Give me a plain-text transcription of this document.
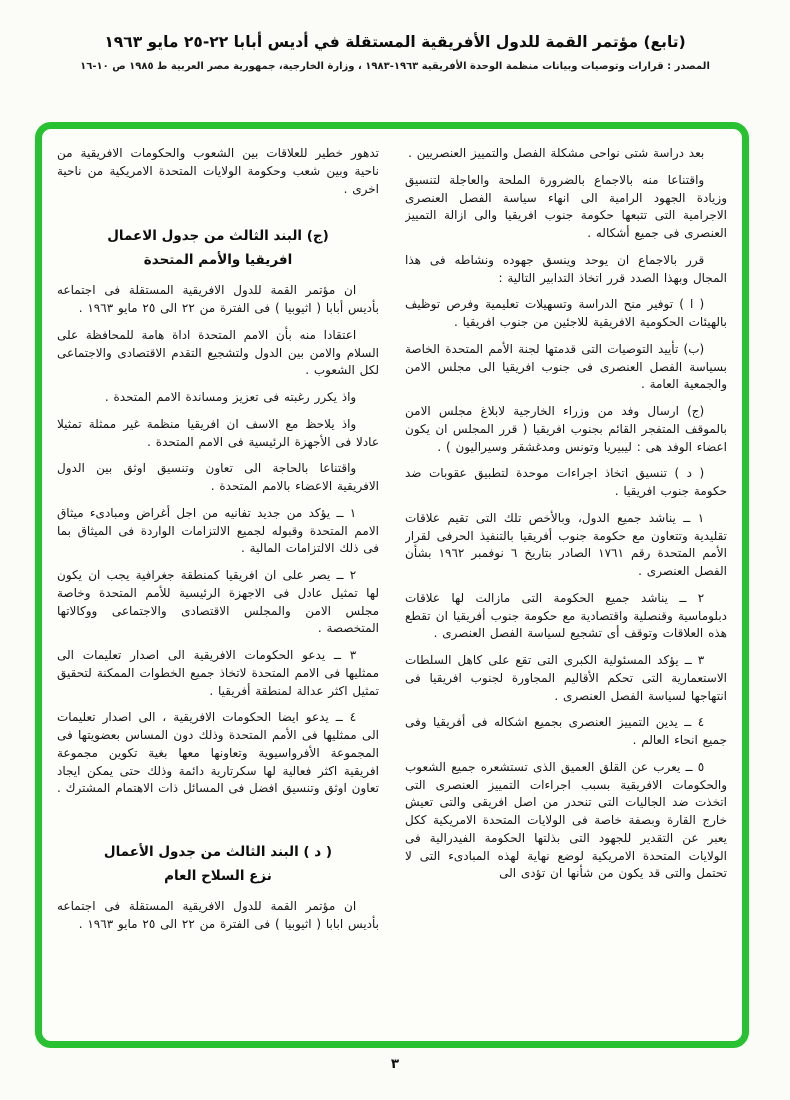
(تابع) مؤتمر القمة للدول الأفريقية المستقلة في أديس أبابا ٢٢-٢٥ مايو ١٩٦٣
المصدر : قرارات وتوصيات وبيانات منظمة الوحدة الأفريقية ١٩٦٣-١٩٨٣ ، وزارة الخارجية، جمهورية مصر العربية ط ١٩٨٥ ص ١٠-١٦
بعد دراسة شتى نواحى مشكلة الفصل والتمييز العنصريين .
واقتناعا منه بالاجماع بالضرورة الملحة والعاجلة لتنسيق وزيادة الجهود الرامية الى انهاء سياسة الفصل العنصرى الاجرامية التى تتبعها حكومة جنوب افريقيا والى ازالة التمييز العنصرى فى جميع أشكاله .
قرر بالاجماع ان يوحد وينسق جهوده ونشاطه فى هذا المجال وبهذا الصدد قرر اتخاذ التدابير التالية :
( ا ) توفير منح الدراسة وتسهيلات تعليمية وفرص توظيف بالهيئات الحكومية الافريقية للاجئين من جنوب افريقيا .
(ب) تأييد التوصيات التى قدمتها لجنة الأمم المتحدة الخاصة بسياسة الفصل العنصرى فى جنوب افريقيا الى مجلس الامن والجمعية العامة .
(ج) ارسال وفد من وزراء الخارجية لابلاغ مجلس الامن بالموقف المتفجر القائم بجنوب افريقيا ( قرر المجلس ان يكون اعضاء الوفد هى : ليبيريا وتونس ومدغشقر وسيراليون ) .
( د ) تنسيق اتخاذ اجراءات موحدة لتطبيق عقوبات ضد حكومة جنوب افريقيا .
١ ــ يناشد جميع الدول، وبالأخص تلك التى تقيم علاقات تقليدية وتتعاون مع حكومة جنوب أفريقيا بالتنفيذ الحرفى لقرار الأمم المتحدة رقم ١٧٦١ الصادر بتاريخ ٦ نوفمبر ١٩٦٢ بشأن الفصل العنصرى .
٢ ــ يناشد جميع الحكومة التى مازالت لها علاقات دبلوماسية وقنصلية واقتصادية مع حكومة جنوب أفريقيا ان تقطع هذه العلاقات وتوقف أى تشجيع لسياسة الفصل العنصرى .
٣ ــ يؤكد المسئولية الكبرى التى تقع على كاهل السلطات الاستعمارية التى تحكم الأقاليم المجاورة لجنوب افريقيا فى انتهاجها لسياسة الفصل العنصرى .
٤ ــ يدين التمييز العنصرى بجميع اشكاله فى أفريقيا وفى جميع انحاء العالم .
٥ ــ يعرب عن القلق العميق الذى تستشعره جميع الشعوب والحكومات الافريقية بسبب اجراءات التمييز العنصرى التى اتخذت ضد الجاليات التى تنحدر من اصل افريقى والتى تعيش خارج القارة وبصفة خاصة فى الولايات المتحدة الامريكية ككل يعبر عن التقدير للجهود التى بذلتها الحكومة الفيدرالية فى الولايات المتحدة الامريكية لوضع نهاية لهذه المبادىء التى لا تحتمل والتى قد يكون من شأنها ان تؤدى الى
تدهور خطير للعلاقات بين الشعوب والحكومات الافريقية من ناحية وبين شعب وحكومة الولايات المتحدة الامريكية من ناحية اخرى .
(ج) البند الثالث من جدول الاعمال
افريقيا والأمم المتحدة
ان مؤتمر القمة للدول الافريقية المستقلة فى اجتماعه بأديس أبابا ( اثيوبيا ) فى الفترة من ٢٢ الى ٢٥ مايو ١٩٦٣ .
اعتقادا منه بأن الامم المتحدة اداة هامة للمحافظة على السلام والامن بين الدول ولتشجيع التقدم الاقتصادى والاجتماعى لكل الشعوب .
واذ يكرر رغبته فى تعزيز ومساندة الامم المتحدة .
واذ يلاحظ مع الاسف ان افريقيا منظمة غير ممثلة تمثيلا عادلا فى الأجهزة الرئيسية فى الامم المتحدة .
واقتناعا بالحاجة الى تعاون وتنسيق اوثق بين الدول الافريقية الاعضاء بالامم المتحدة .
١ ــ يؤكد من جديد تفانيه من اجل أغراض ومبادىء ميثاق الامم المتحدة وقبوله لجميع الالتزامات الواردة فى الميثاق بما فى ذلك الالتزامات المالية .
٢ ــ يصر على ان افريقيا كمنطقة جغرافية يجب ان يكون لها تمثيل عادل فى الاجهزة الرئيسية للأمم المتحدة وخاصة مجلس الامن والمجلس الاقتصادى والاجتماعى ووكالاتها المتخصصة .
٣ ــ يدعو الحكومات الافريقية الى اصدار تعليمات الى ممثليها فى الامم المتحدة لاتخاذ جميع الخطوات الممكنة لتحقيق تمثيل اكثر عدالة لمنطقة أفريقيا .
٤ ــ يدعو ايضا الحكومات الافريقية ، الى اصدار تعليمات الى ممثليها فى الأمم المتحدة وذلك دون المساس بعضويتها فى المجموعة الأفرواسيوية وتعاونها معها بغية تكوين مجموعة افريقية اكثر فعالية لها سكرتارية دائمة وذلك حتى يمكن ايجاد تعاون اوثق وتنسيق افضل فى المسائل ذات الاهتمام المشترك .
( د ) البند الثالث من جدول الأعمال
نزع السلاح العام
ان مؤتمر القمة للدول الافريقية المستقلة فى اجتماعه بأديس ابابا ( اثيوبيا ) فى الفترة من ٢٢ الى ٢٥ مايو ١٩٦٣ .
٣
